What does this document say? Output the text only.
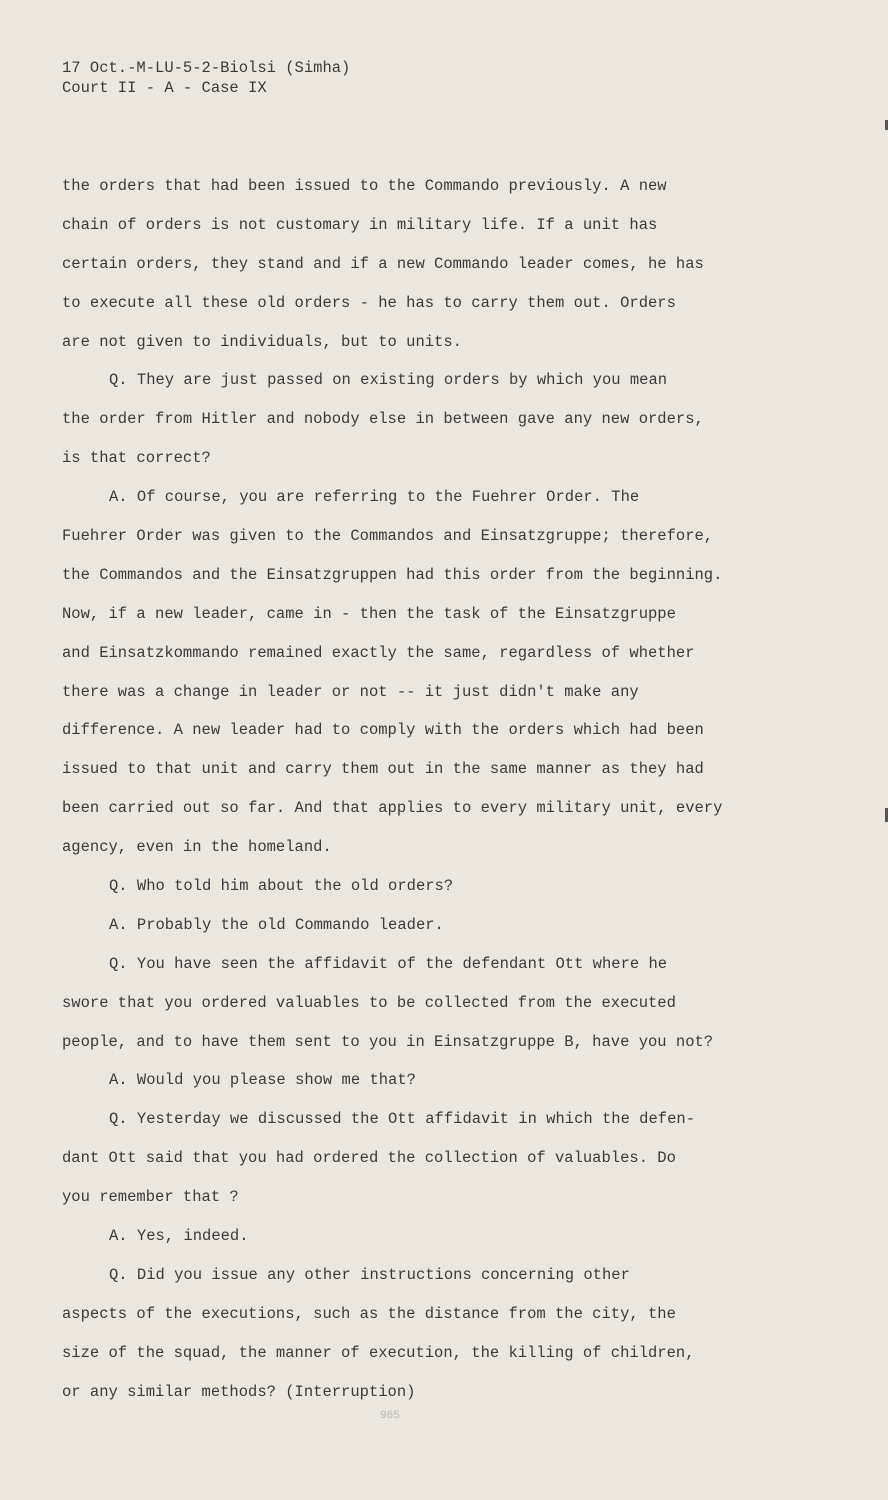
17 Oct.-M-LU-5-2-Biolsi (Simha)
Court II - A - Case IX
the orders that had been issued to the Commando previously. A new
chain of orders is not customary in military life. If a unit has
certain orders, they stand and if a new Commando leader comes, he has
to execute all these old orders - he has to carry them out. Orders
are not given to individuals, but to units.
Q. They are just passed on existing orders by which you mean
the order from Hitler and nobody else in between gave any new orders,
is that correct?
A. Of course, you are referring to the Fuehrer Order. The
Fuehrer Order was given to the Commandos and Einsatzgruppe; therefore,
the Commandos and the Einsatzgruppen had this order from the beginning.
Now, if a new leader, came in - then the task of the Einsatzgruppe
and Einsatzkommando remained exactly the same, regardless of whether
there was a change in leader or not -- it just didn't make any
difference. A new leader had to comply with the orders which had been
issued to that unit and carry them out in the same manner as they had
been carried out so far. And that applies to every military unit, every
agency, even in the homeland.
Q. Who told him about the old orders?
A. Probably the old Commando leader.
Q. You have seen the affidavit of the defendant Ott where he
swore that you ordered valuables to be collected from the executed
people, and to have them sent to you in Einsatzgruppe B, have you not?
A. Would you please show me that?
Q. Yesterday we discussed the Ott affidavit in which the defen-
dant Ott said that you had ordered the collection of valuables. Do
you remember that ?
A. Yes, indeed.
Q. Did you issue any other instructions concerning other
aspects of the executions, such as the distance from the city, the
size of the squad, the manner of execution, the killing of children,
or any similar methods? (Interruption)
965
